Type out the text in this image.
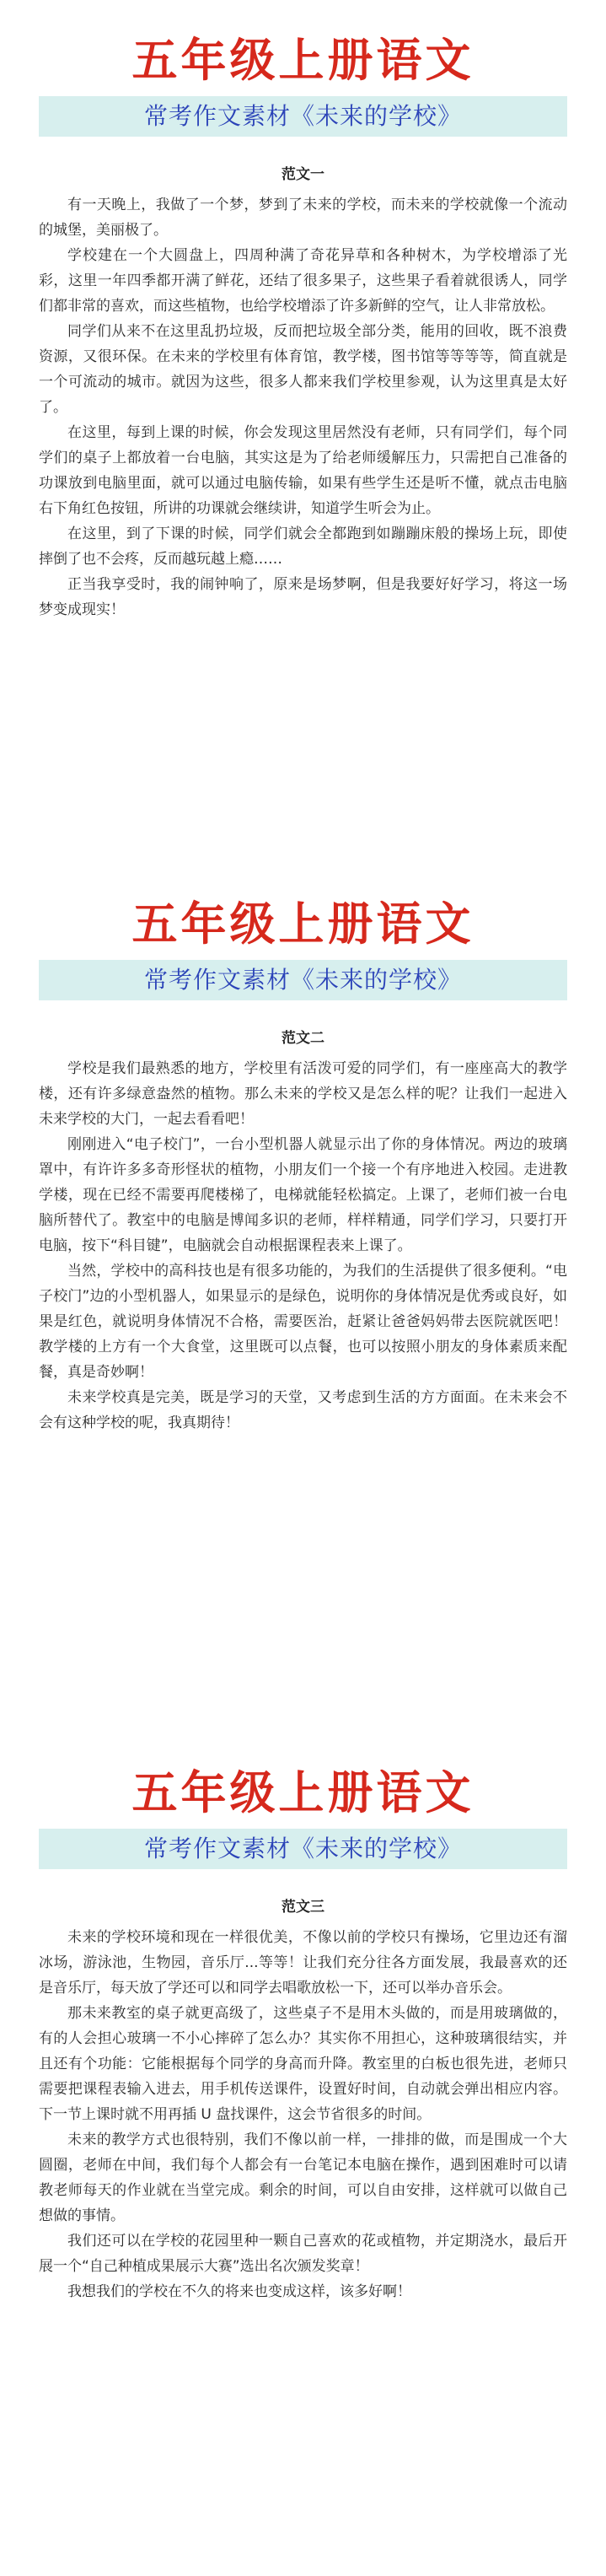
五年级上册语文
常考作文素材《未来的学校》
范文一

有一天晚上，我做了一个梦，梦到了未来的学校，而未来的学校就像一个流动的城堡，美丽极了。

学校建在一个大圆盘上，四周种满了奇花异草和各种树木，为学校增添了光彩，这里一年四季都开满了鲜花，还结了很多果子，这些果子看着就很诱人，同学们都非常的喜欢，而这些植物，也给学校增添了许多新鲜的空气，让人非常放松。

同学们从来不在这里乱扔垃圾，反而把垃圾全部分类，能用的回收，既不浪费资源，又很环保。在未来的学校里有体育馆，教学楼，图书馆等等等等，简直就是一个可流动的城市。就因为这些，很多人都来我们学校里参观，认为这里真是太好了。

在这里，每到上课的时候，你会发现这里居然没有老师，只有同学们，每个同学们的桌子上都放着一台电脑，其实这是为了给老师缓解压力，只需把自己准备的功课放到电脑里面，就可以通过电脑传输，如果有些学生还是听不懂，就点击电脑右下角红色按钮，所讲的功课就会继续讲，知道学生听会为止。

在这里，到了下课的时候，同学们就会全都跑到如蹦蹦床般的操场上玩，即使摔倒了也不会疼，反而越玩越上瘾……

正当我享受时，我的闹钟响了，原来是场梦啊，但是我要好好学习，将这一场梦变成现实！

五年级上册语文
常考作文素材《未来的学校》
范文二

学校是我们最熟悉的地方，学校里有活泼可爱的同学们，有一座座高大的教学楼，还有许多绿意盎然的植物。那么未来的学校又是怎么样的呢？让我们一起进入未来学校的大门，一起去看看吧！

刚刚进入“电子校门”，一台小型机器人就显示出了你的身体情况。两边的玻璃罩中，有许许多多奇形怪状的植物，小朋友们一个接一个有序地进入校园。走进教学楼，现在已经不需要再爬楼梯了，电梯就能轻松搞定。上课了，老师们被一台电脑所替代了。教室中的电脑是博闻多识的老师，样样精通，同学们学习，只要打开电脑，按下“科目键”，电脑就会自动根据课程表来上课了。

当然，学校中的高科技也是有很多功能的，为我们的生活提供了很多便利。“电子校门”边的小型机器人，如果显示的是绿色，说明你的身体情况是优秀或良好，如果是红色，就说明身体情况不合格，需要医治，赶紧让爸爸妈妈带去医院就医吧！教学楼的上方有一个大食堂，这里既可以点餐，也可以按照小朋友的身体素质来配餐，真是奇妙啊！

未来学校真是完美，既是学习的天堂，又考虑到生活的方方面面。在未来会不会有这种学校的呢，我真期待！

五年级上册语文
常考作文素材《未来的学校》
范文三

未来的学校环境和现在一样很优美，不像以前的学校只有操场，它里边还有溜冰场，游泳池，生物园，音乐厅...等等！让我们充分往各方面发展，我最喜欢的还是音乐厅，每天放了学还可以和同学去唱歌放松一下，还可以举办音乐会。

那未来教室的桌子就更高级了，这些桌子不是用木头做的，而是用玻璃做的，有的人会担心玻璃一不小心摔碎了怎么办？其实你不用担心，这种玻璃很结实，并且还有个功能：它能根据每个同学的身高而升降。教室里的白板也很先进，老师只需要把课程表输入进去，用手机传送课件，设置好时间，自动就会弹出相应内容。下一节上课时就不用再插 U 盘找课件，这会节省很多的时间。

未来的教学方式也很特别，我们不像以前一样，一排排的做，而是围成一个大圆圈，老师在中间，我们每个人都会有一台笔记本电脑在操作，遇到困难时可以请教老师每天的作业就在当堂完成。剩余的时间，可以自由安排，这样就可以做自己想做的事情。

我们还可以在学校的花园里种一颗自己喜欢的花或植物，并定期浇水，最后开展一个“自己种植成果展示大赛”选出名次颁发奖章！

我想我们的学校在不久的将来也变成这样，该多好啊！
